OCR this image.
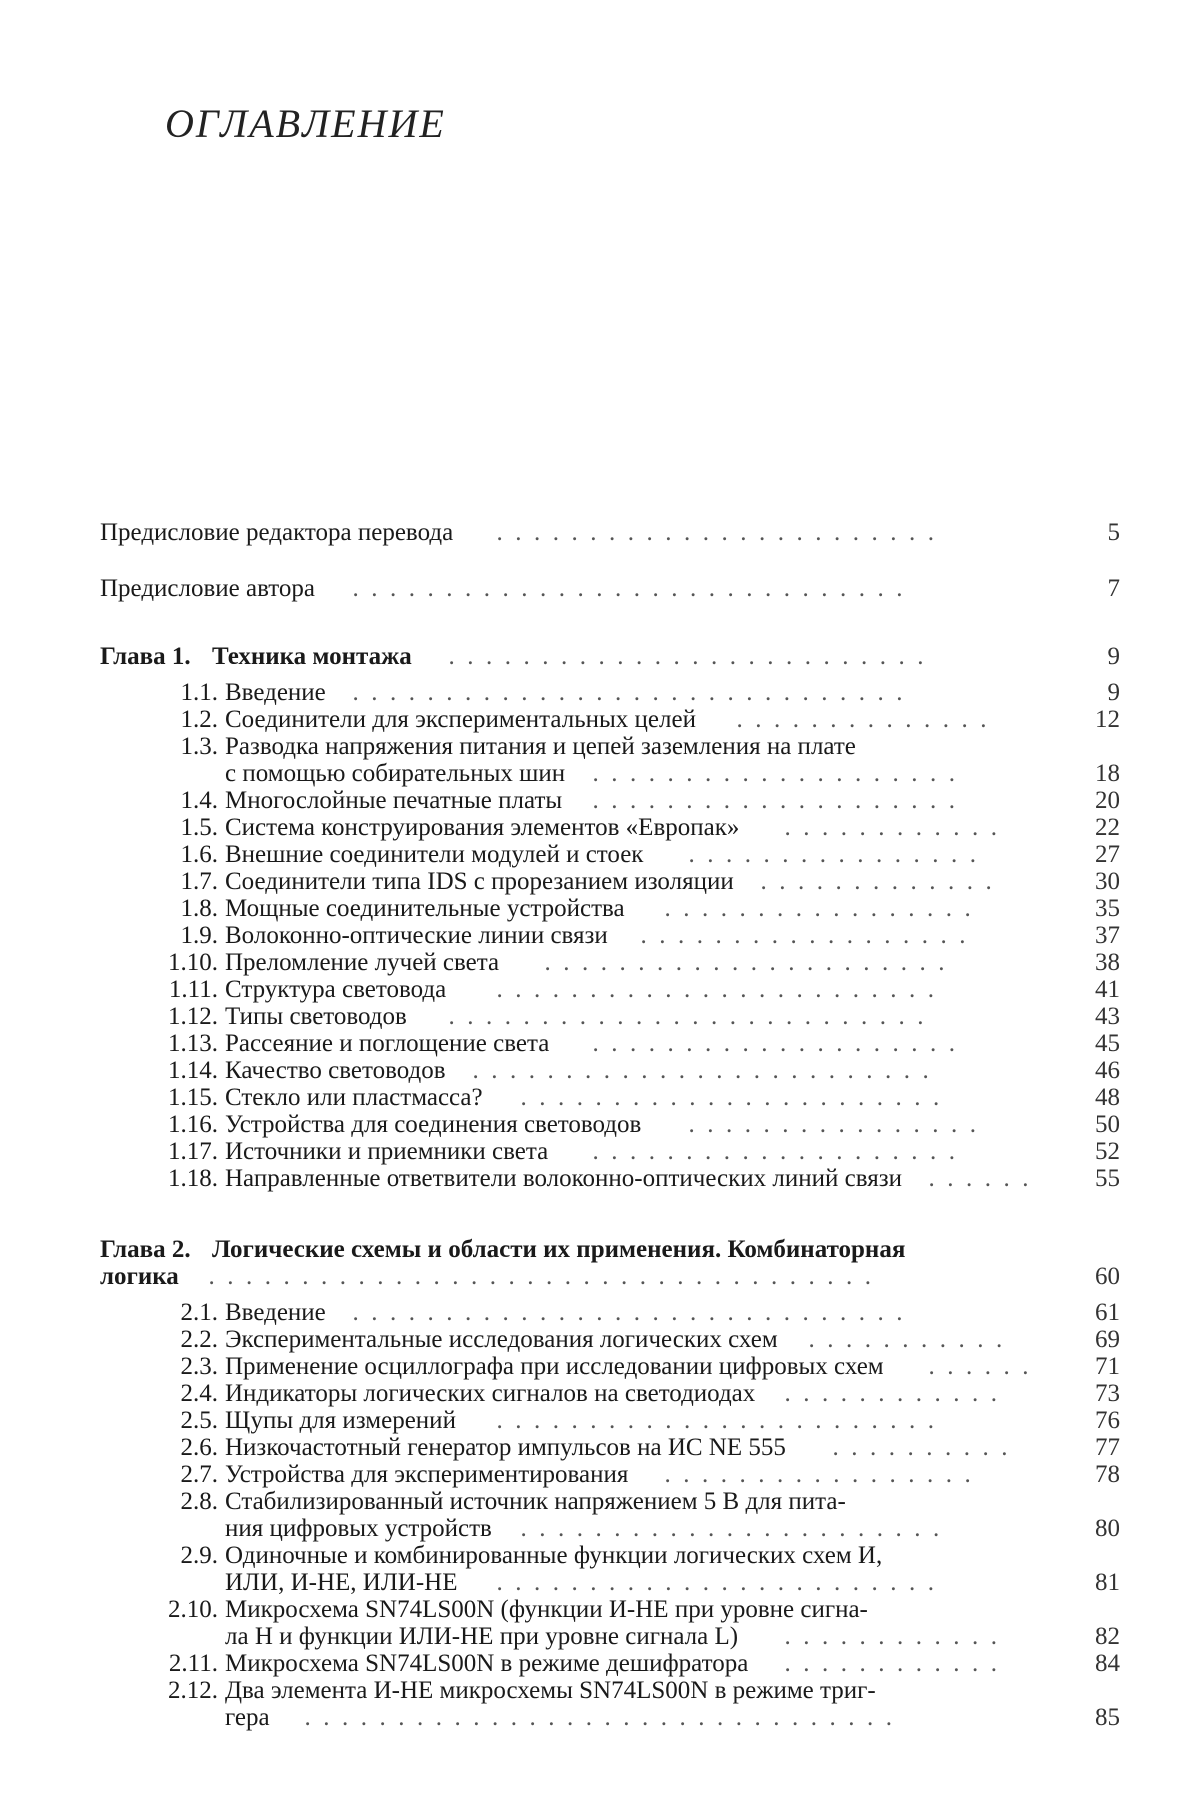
ОГЛАВЛЕНИЕ
Предисловие редактора перевода .  .  .  .  .  .  .  .  .  .  .  .  .  .  .  .  .  .  .  .  .  .  .  .	5
Предисловие автора .  .  .  .  .  .  .  .  .  .  .  .  .  .  .  .  .  .  .  .  .  .  .  .  .  .  .  .  .  .	7
Глава 1. Техника монтажа .  .  .  .  .  .  .  .  .  .  .  .  .  .  .  .  .  .  .  .  .  .  .  .  .  .	9
1.1. Введение .  .  .  .  .  .  .  .  .  .  .  .  .  .  .  .  .  .  .  .  .  .  .  .  .  .  .  .  .  .	9
1.2. Соединители для экспериментальных целей .  .  .  .  .  .  .  .  .  .  .  .  .  .	12
1.3. Разводка напряжения питания и цепей заземления на плате
с помощью собирательных шин .  .  .  .  .  .  .  .  .  .  .  .  .  .  .  .  .  .  .  .	18
1.4. Многослойные печатные платы .  .  .  .  .  .  .  .  .  .  .  .  .  .  .  .  .  .  .  .	20
1.5. Система конструирования элементов «Европак» .  .  .  .  .  .  .  .  .  .  .  .	22
1.6. Внешние соединители модулей и стоек .  .  .  .  .  .  .  .  .  .  .  .  .  .  .  .	27
1.7. Соединители типа IDS с прорезанием изоляции .  .  .  .  .  .  .  .  .  .  .  .  .	30
1.8. Мощные соединительные устройства .  .  .  .  .  .  .  .  .  .  .  .  .  .  .  .  .	35
1.9. Волоконно-оптические линии связи .  .  .  .  .  .  .  .  .  .  .  .  .  .  .  .  .  .	37
1.10. Преломление лучей света .  .  .  .  .  .  .  .  .  .  .  .  .  .  .  .  .  .  .  .  .  .	38
1.11. Структура световода .  .  .  .  .  .  .  .  .  .  .  .  .  .  .  .  .  .  .  .  .  .  .  .	41
1.12. Типы световодов .  .  .  .  .  .  .  .  .  .  .  .  .  .  .  .  .  .  .  .  .  .  .  .  .  .	43
1.13. Рассеяние и поглощение света .  .  .  .  .  .  .  .  .  .  .  .  .  .  .  .  .  .  .  .	45
1.14. Качество световодов .  .  .  .  .  .  .  .  .  .  .  .  .  .  .  .  .  .  .  .  .  .  .  .  .	46
1.15. Стекло или пластмасса? .  .  .  .  .  .  .  .  .  .  .  .  .  .  .  .  .  .  .  .  .  .  .	48
1.16. Устройства для соединения световодов .  .  .  .  .  .  .  .  .  .  .  .  .  .  .  .	50
1.17. Источники и приемники света .  .  .  .  .  .  .  .  .  .  .  .  .  .  .  .  .  .  .  .	52
1.18. Направленные ответвители волоконно-оптических линий связи .  .  .  .  .  .	55
Глава 2. Логические схемы и области их применения. Комбинаторная
логика .  .  .  .  .  .  .  .  .  .  .  .  .  .  .  .  .  .  .  .  .  .  .  .  .  .  .  .  .  .  .  .  .  .  .  .	60
2.1. Введение .  .  .  .  .  .  .  .  .  .  .  .  .  .  .  .  .  .  .  .  .  .  .  .  .  .  .  .  .  .	61
2.2. Экспериментальные исследования логических схем .  .  .  .  .  .  .  .  .  .  .	69
2.3. Применение осциллографа при исследовании цифровых схем .  .  .  .  .  .	71
2.4. Индикаторы логических сигналов на светодиодах .  .  .  .  .  .  .  .  .  .  .  .	73
2.5. Щупы для измерений .  .  .  .  .  .  .  .  .  .  .  .  .  .  .  .  .  .  .  .  .  .  .  .	76
2.6. Низкочастотный генератор импульсов на ИС NE 555 .  .  .  .  .  .  .  .  .  .	77
2.7. Устройства для экспериментирования .  .  .  .  .  .  .  .  .  .  .  .  .  .  .  .  .	78
2.8. Стабилизированный источник напряжением 5 В для пита-
ния цифровых устройств .  .  .  .  .  .  .  .  .  .  .  .  .  .  .  .  .  .  .  .  .  .  .	80
2.9. Одиночные и комбинированные функции логических схем И,
ИЛИ, И-НЕ, ИЛИ-НЕ .  .  .  .  .  .  .  .  .  .  .  .  .  .  .  .  .  .  .  .  .  .  .  .	81
2.10. Микросхема SN74LS00N (функции И-НЕ при уровне сигна-
ла H и функции ИЛИ-НЕ при уровне сигнала L) .  .  .  .  .  .  .  .  .  .  .  .	82
2.11. Микросхема SN74LS00N в режиме дешифратора .  .  .  .  .  .  .  .  .  .  .  .	84
2.12. Два элемента И-НЕ микросхемы SN74LS00N в режиме триг-
гера .  .  .  .  .  .  .  .  .  .  .  .  .  .  .  .  .  .  .  .  .  .  .  .  .  .  .  .  .  .  .  .	85
